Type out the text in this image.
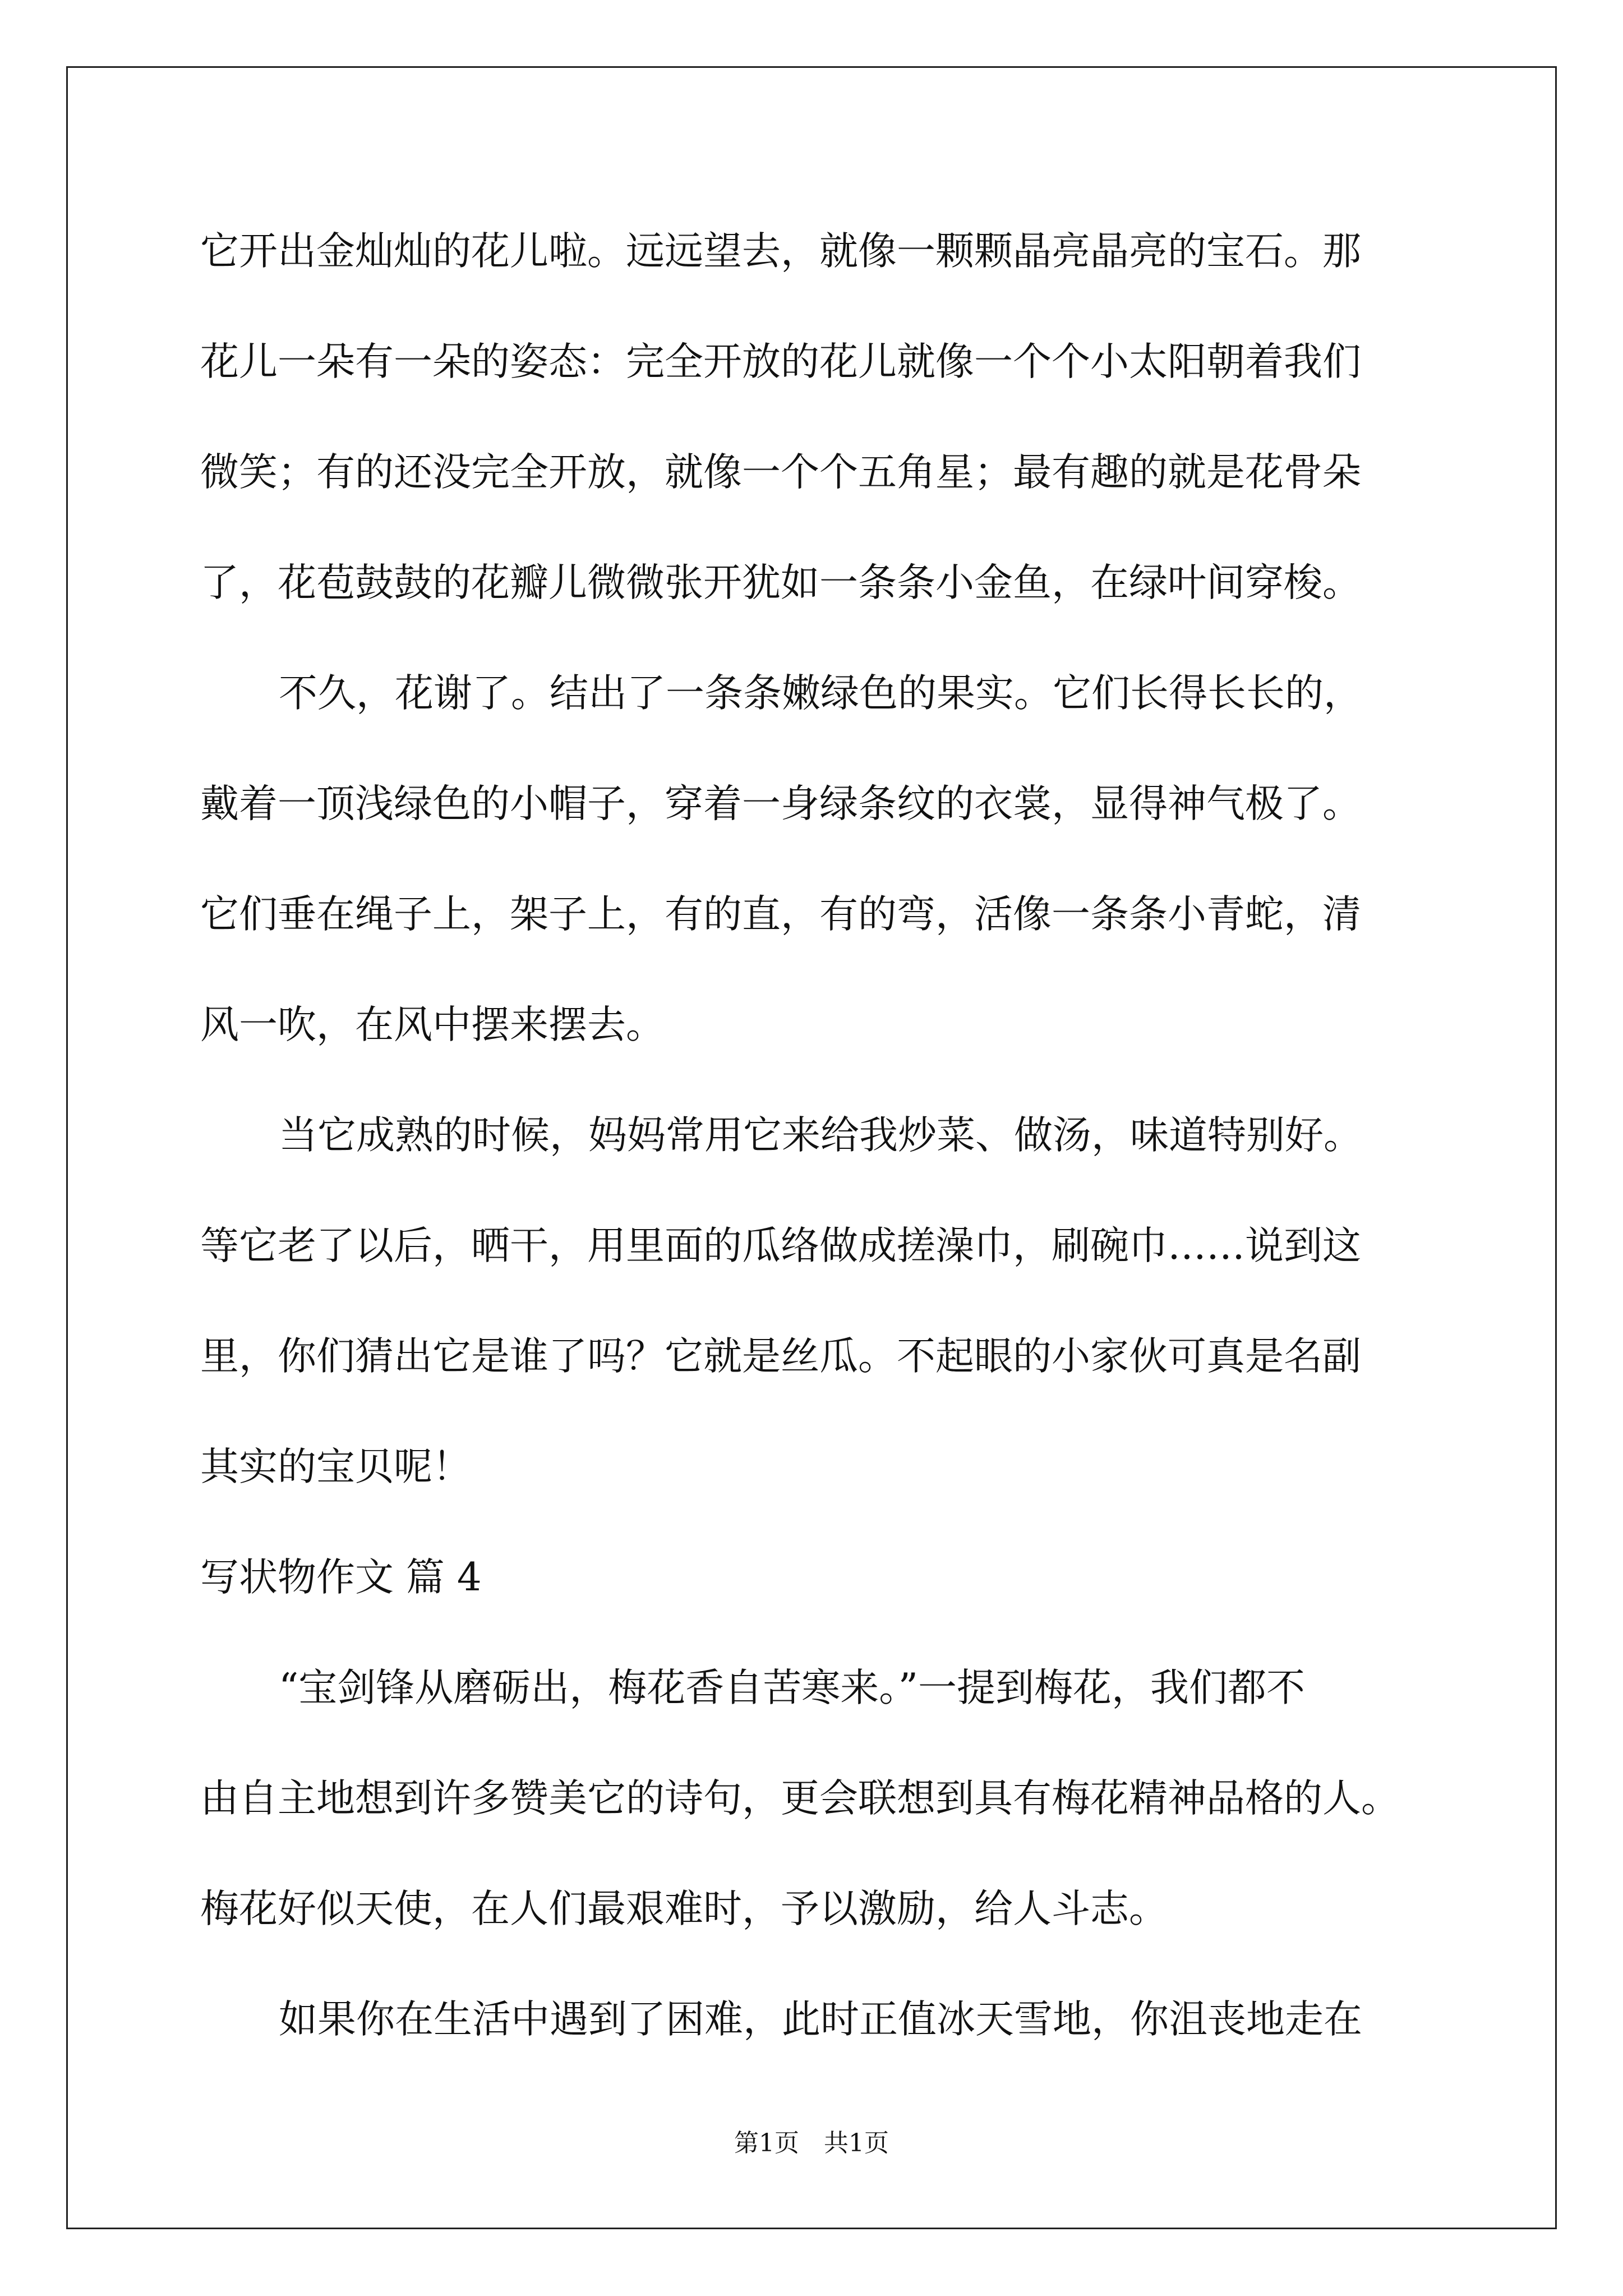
它开出金灿灿的花儿啦。远远望去，就像一颗颗晶亮晶亮的宝石。那
花儿一朵有一朵的姿态：完全开放的花儿就像一个个小太阳朝着我们
微笑；有的还没完全开放，就像一个个五角星；最有趣的就是花骨朵
了，花苞鼓鼓的花瓣儿微微张开犹如一条条小金鱼，在绿叶间穿梭。
不久，花谢了。结出了一条条嫩绿色的果实。它们长得长长的，
戴着一顶浅绿色的小帽子，穿着一身绿条纹的衣裳，显得神气极了。
它们垂在绳子上，架子上，有的直，有的弯，活像一条条小青蛇，清
风一吹，在风中摆来摆去。
当它成熟的时候，妈妈常用它来给我炒菜、做汤，味道特别好。
等它老了以后，晒干，用里面的瓜络做成搓澡巾，刷碗巾……说到这
里，你们猜出它是谁了吗？它就是丝瓜。不起眼的小家伙可真是名副
其实的宝贝呢！
写状物作文 篇 4
“宝剑锋从磨砺出，梅花香自苦寒来。”一提到梅花，我们都不
由自主地想到许多赞美它的诗句，更会联想到具有梅花精神品格的人。
梅花好似天使，在人们最艰难时，予以激励，给人斗志。
如果你在生活中遇到了困难，此时正值冰天雪地，你沮丧地走在
第1页　共1页
